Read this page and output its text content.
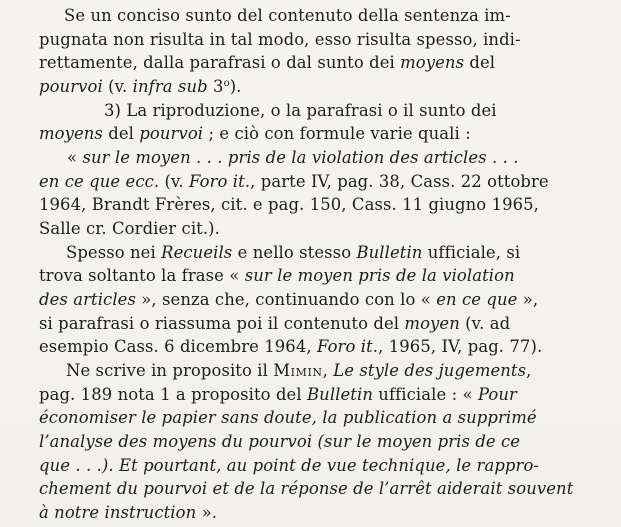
Se un conciso sunto del contenuto della sentenza im-
pugnata non risulta in tal modo, esso risulta spesso, indi-
rettamente, dalla parafrasi o dal sunto dei moyens del
pourvoi (v. infra sub 3$^o$).
3) La riproduzione, o la parafrasi o il sunto dei
moyens del pourvoi ; e ciò con formule varie quali :
« sur le moyen . . . pris de la violation des articles . . .
en ce que ecc. (v. Foro it., parte IV, pag. 38, Cass. 22 ottobre
1964, Brandt Frères, cit. e pag. 150, Cass. 11 giugno 1965,
Salle cr. Cordier cit.).
Spesso nei Recueils e nello stesso Bulletin ufficiale, si
trova soltanto la frase « sur le moyen pris de la violation
des articles », senza che, continuando con lo « en ce que »,
si parafrasi o riassuma poi il contenuto del moyen (v. ad
esempio Cass. 6 dicembre 1964, Foro it., 1965, IV, pag. 77).
Ne scrive in proposito il Mimin, Le style des jugements,
pag. 189 nota 1 a proposito del Bulletin ufficiale : « Pour
économiser le papier sans doute, la publication a supprimé
l’analyse des moyens du pourvoi (sur le moyen pris de ce
que . . .). Et pourtant, au point de vue technique, le rappro-
chement du pourvoi et de la réponse de l’arrêt aiderait souvent
à notre instruction ».
